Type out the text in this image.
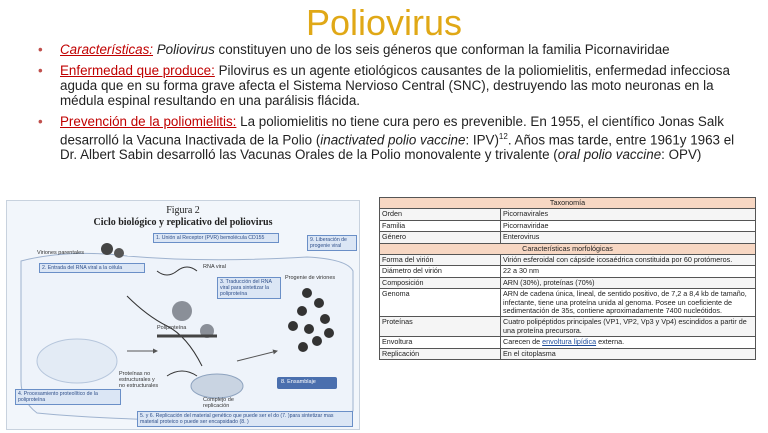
Poliovirus
• Características: Poliovirus constituyen uno de los seis géneros que conforman la familia Picornaviridae
• Enfermedad que produce: Pilovirus es un agente etiológicos causantes de la poliomielitis, enfermedad infecciosa aguda que en su forma grave afecta el Sistema Nervioso Central (SNC), destruyendo las moto neuronas en la médula espinal resultando en una parálisis flácida.
• Prevención de la poliomielitis: La poliomielitis no tiene cura pero es prevenible. En 1955, el científico Jonas Salk desarrolló la Vacuna Inactivada de la Polio (inactivated polio vaccine: IPV)$^{12}$. Años mas tarde, entre 1961y 1963 el Dr. Albert Sabin desarrolló las Vacunas Orales de la Polio monovalente y trivalente (oral polio vaccine: OPV)
Figura 2
Ciclo biológico y replicativo del poliovirus
1. Unión al Receptor (PVR) bemolécula CD155
Viriones parentales
2. Entrada del RNA viral a la célula	RNA viral
3. Traducción del RNA viral para sintetizar la poliproteína
9. Liberación de progenie viral
Progenie de viriones
Poliproteína
Proteínas no estructurales y no estructurales
Complejo de replicación
4. Procesamiento proteolítico de la poliproteína
8. Ensamblaje
5. y 6. Replicación del material genético que puede ser el do (7. )para sintetizar mas material proteico o puede ser encapsidado (8. )
Taxonomía	
Orden	Picornavirales
Familia	Picornaviridae
Género	Enterovirus
Características morfológicas	
Forma del virión	Virión esferoidal con cápside icosaédrica constituida por 60 protómeros.
Diámetro del virión	22 a 30 nm
Composición	ARN (30%), proteínas (70%)
Genoma	ARN de cadena única, lineal, de sentido positivo, de 7,2 a 8,4 kb de tamaño, infectante, tiene una proteína unida al genoma. Posee un coeficiente de sedimentación de 35s, contiene aproximadamente 7400 nucleótidos.
Proteínas	Cuatro polipéptidos principales (VP1, VP2, Vp3 y Vp4) escindidos a partir de una proteína precursora.
Envoltura	Carecen de envoltura lipídica externa.
Replicación	En el citoplasma
